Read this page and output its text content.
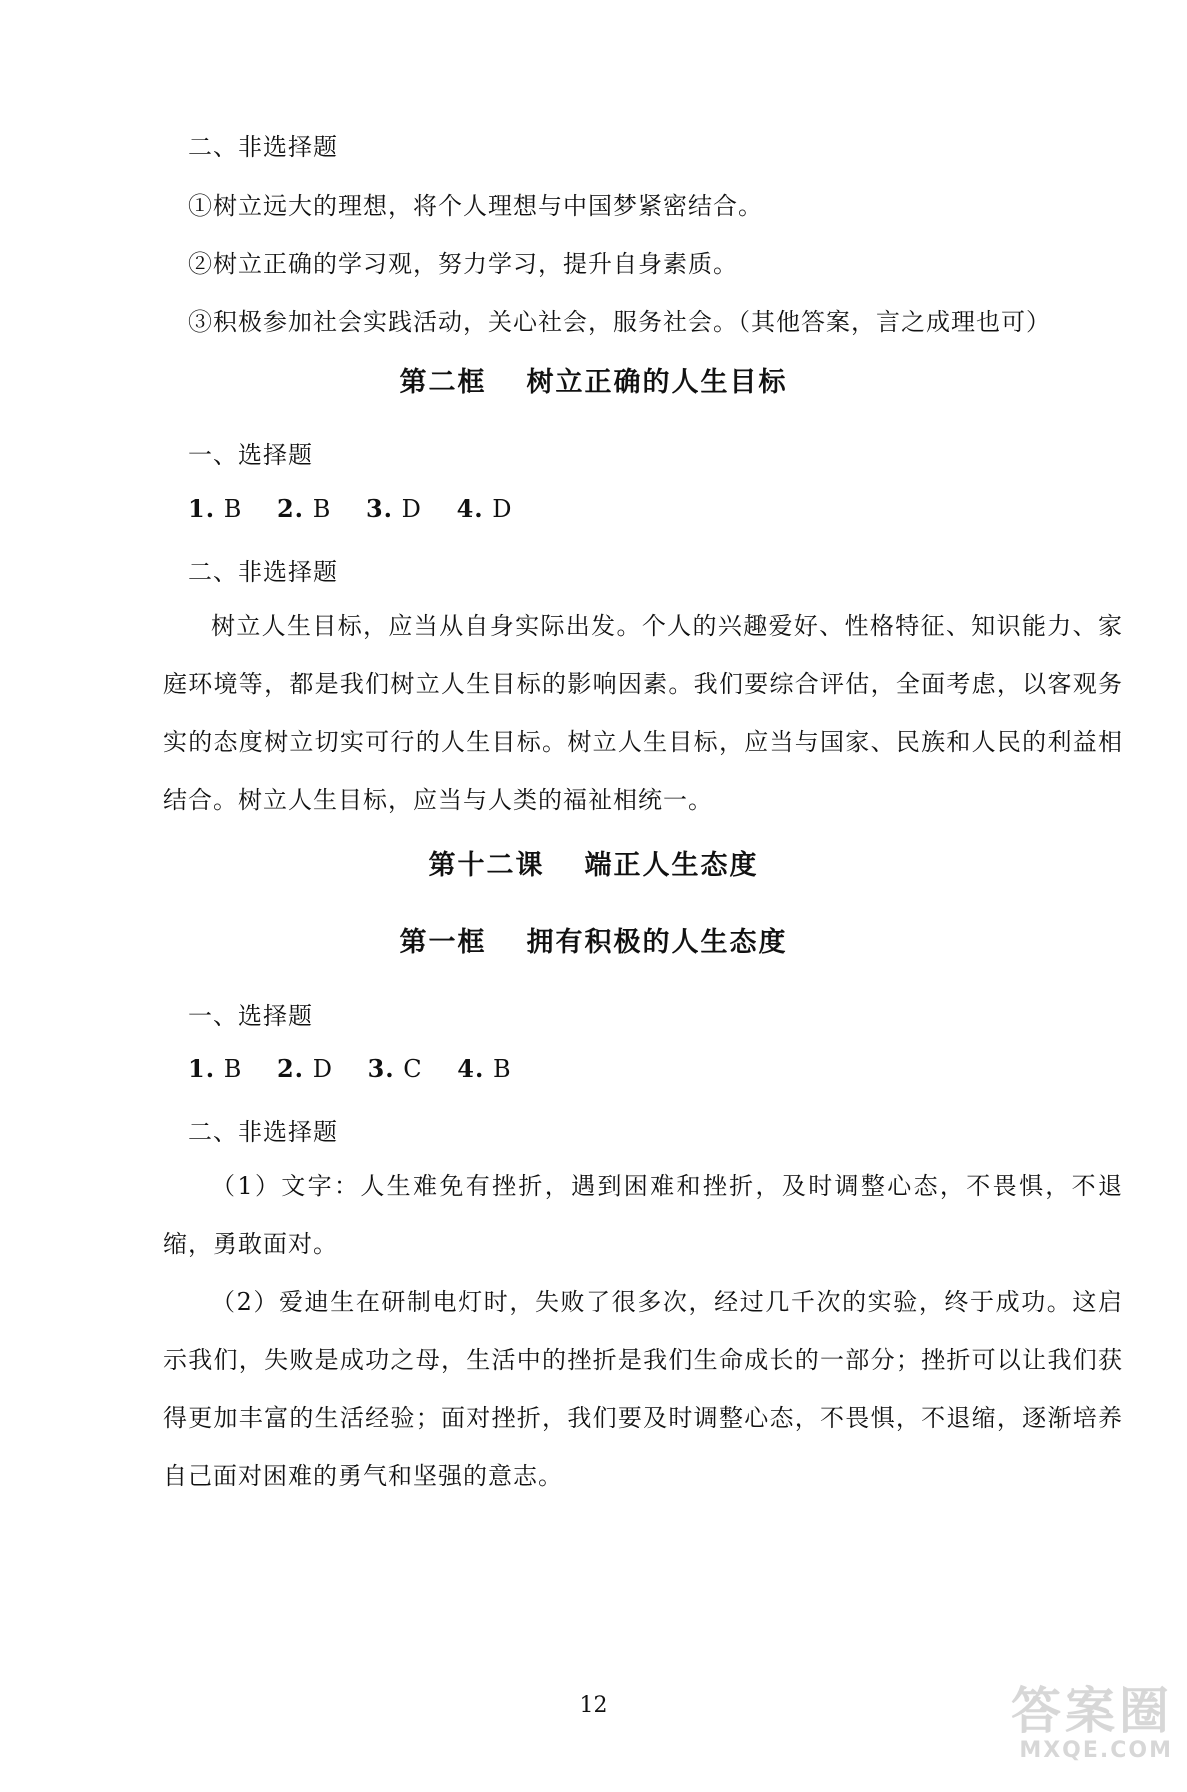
二、非选择题
①树立远大的理想，将个人理想与中国梦紧密结合。
②树立正确的学习观，努力学习，提升自身素质。
③积极参加社会实践活动，关心社会，服务社会。（其他答案，言之成理也可）
第二框 树立正确的人生目标
一、选择题
1. B 2. B 3. D 4. D
二、非选择题
树立人生目标，应当从自身实际出发。个人的兴趣爱好、性格特征、知识能力、家庭环境等，都是我们树立人生目标的影响因素。我们要综合评估，全面考虑，以客观务实的态度树立切实可行的人生目标。树立人生目标，应当与国家、民族和人民的利益相结合。树立人生目标，应当与人类的福祉相统一。
第十二课 端正人生态度
第一框 拥有积极的人生态度
一、选择题
1. B 2. D 3. C 4. B
二、非选择题
（1）文字：人生难免有挫折，遇到困难和挫折，及时调整心态，不畏惧，不退缩，勇敢面对。
（2）爱迪生在研制电灯时，失败了很多次，经过几千次的实验，终于成功。这启示我们，失败是成功之母，生活中的挫折是我们生命成长的一部分；挫折可以让我们获得更加丰富的生活经验；面对挫折，我们要及时调整心态，不畏惧，不退缩，逐渐培养自己面对困难的勇气和坚强的意志。
12	答案圈
MXQE.COM
